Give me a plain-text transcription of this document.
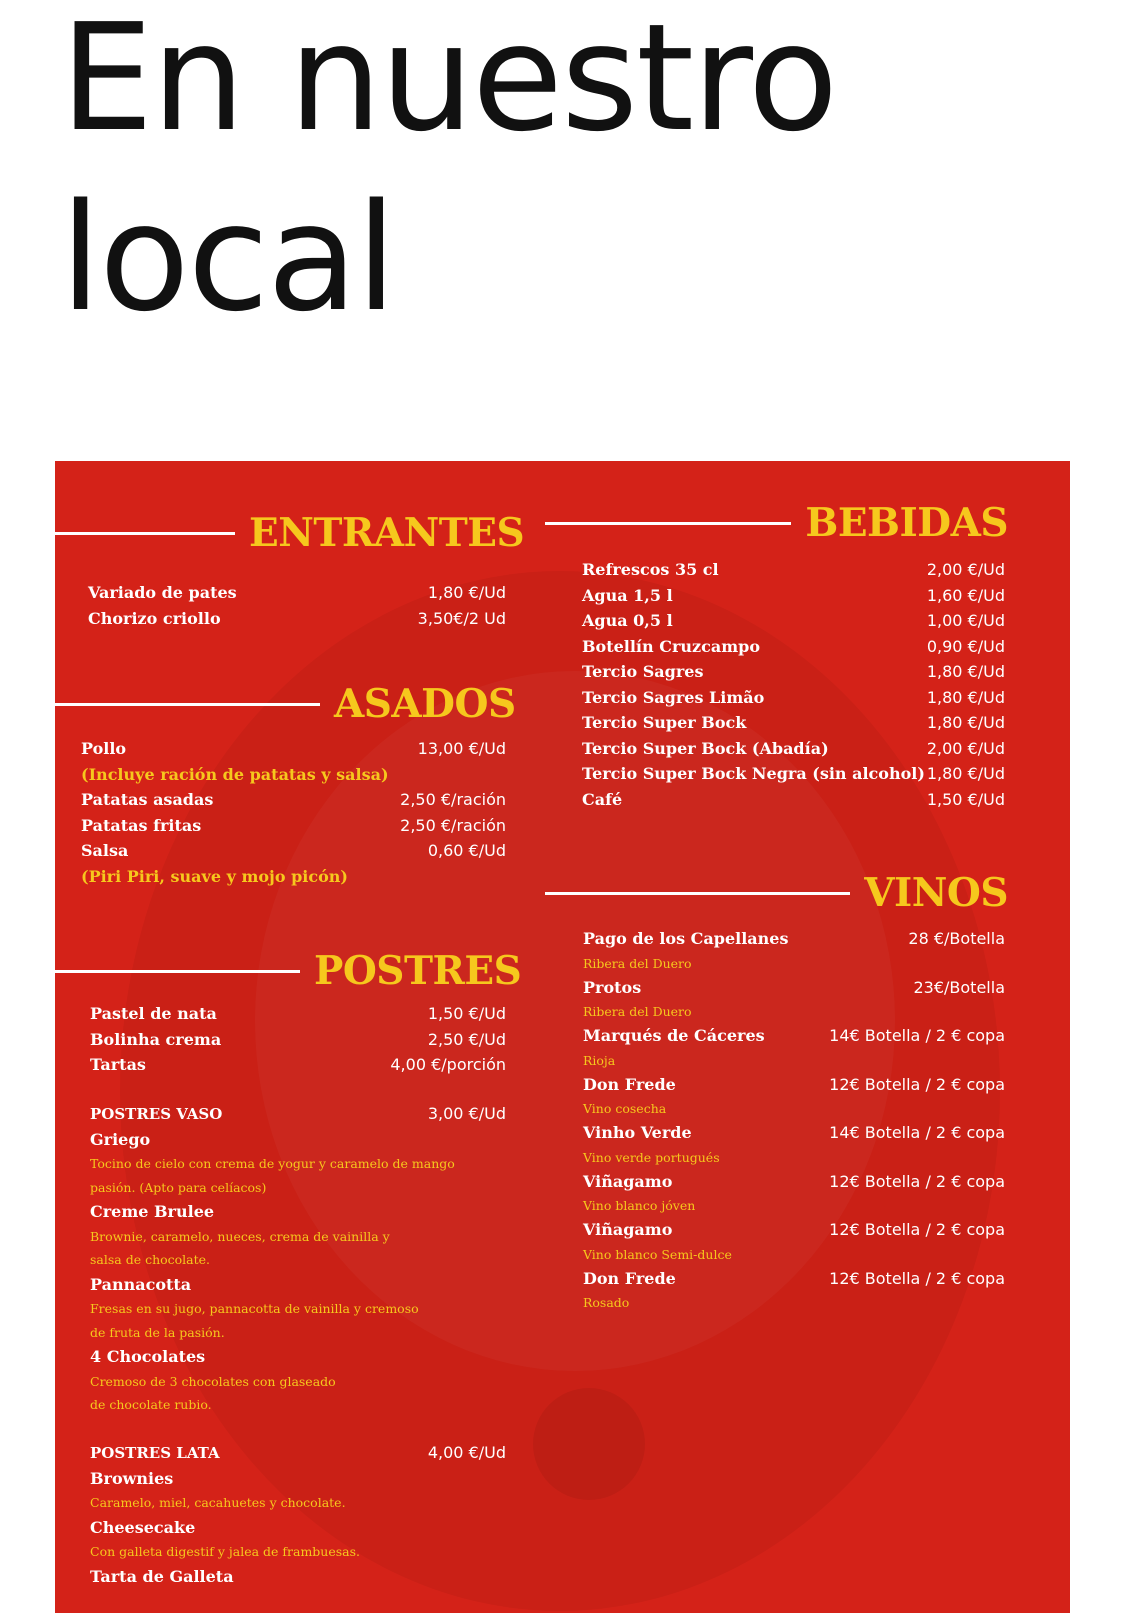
En nuestro
local
ENTRANTES
Variado de pates	1,80 €/Ud
Chorizo criollo	3,50€/2 Ud
ASADOS
Pollo	13,00 €/Ud
(Incluye ración de patatas y salsa)
Patatas asadas	2,50 €/ración
Patatas fritas	2,50 €/ración
Salsa	0,60 €/Ud
(Piri Piri, suave y mojo picón)
POSTRES
Pastel de nata	1,50 €/Ud
Bolinha crema	2,50 €/Ud
Tartas	4,00 €/porción
POSTRES VASO	3,00 €/Ud
Griego
Tocino de cielo con crema de yogur y caramelo de mango
pasión. (Apto para celíacos)
Creme Brulee
Brownie, caramelo, nueces, crema de vainilla y
salsa de chocolate.
Pannacotta
Fresas en su jugo, pannacotta de vainilla y cremoso
de fruta de la pasión.
4 Chocolates
Cremoso de 3 chocolates con glaseado
de chocolate rubio.
POSTRES LATA	4,00 €/Ud
Brownies
Caramelo, miel, cacahuetes y chocolate.
Cheesecake
Con galleta digestif y jalea de frambuesas.
Tarta de Galleta
BEBIDAS
Refrescos 35 cl	2,00 €/Ud
Agua 1,5 l	1,60 €/Ud
Agua 0,5 l	1,00 €/Ud
Botellín Cruzcampo	0,90 €/Ud
Tercio Sagres	1,80 €/Ud
Tercio Sagres Limão	1,80 €/Ud
Tercio Super Bock	1,80 €/Ud
Tercio Super Bock (Abadía)	2,00 €/Ud
Tercio Super Bock Negra (sin alcohol) 1,80 €/Ud
Café	1,50 €/Ud
VINOS
Pago de los Capellanes	28 €/Botella
Ribera del Duero
Protos	23€/Botella
Ribera del Duero
Marqués de Cáceres	14€ Botella / 2 € copa
Rioja
Don Frede	12€ Botella / 2 € copa
Vino cosecha
Vinho Verde	14€ Botella / 2 € copa
Vino verde portugués
Viñagamo	12€ Botella / 2 € copa
Vino blanco jóven
Viñagamo	12€ Botella / 2 € copa
Vino blanco Semi-dulce
Don Frede	12€ Botella / 2 € copa
Rosado
